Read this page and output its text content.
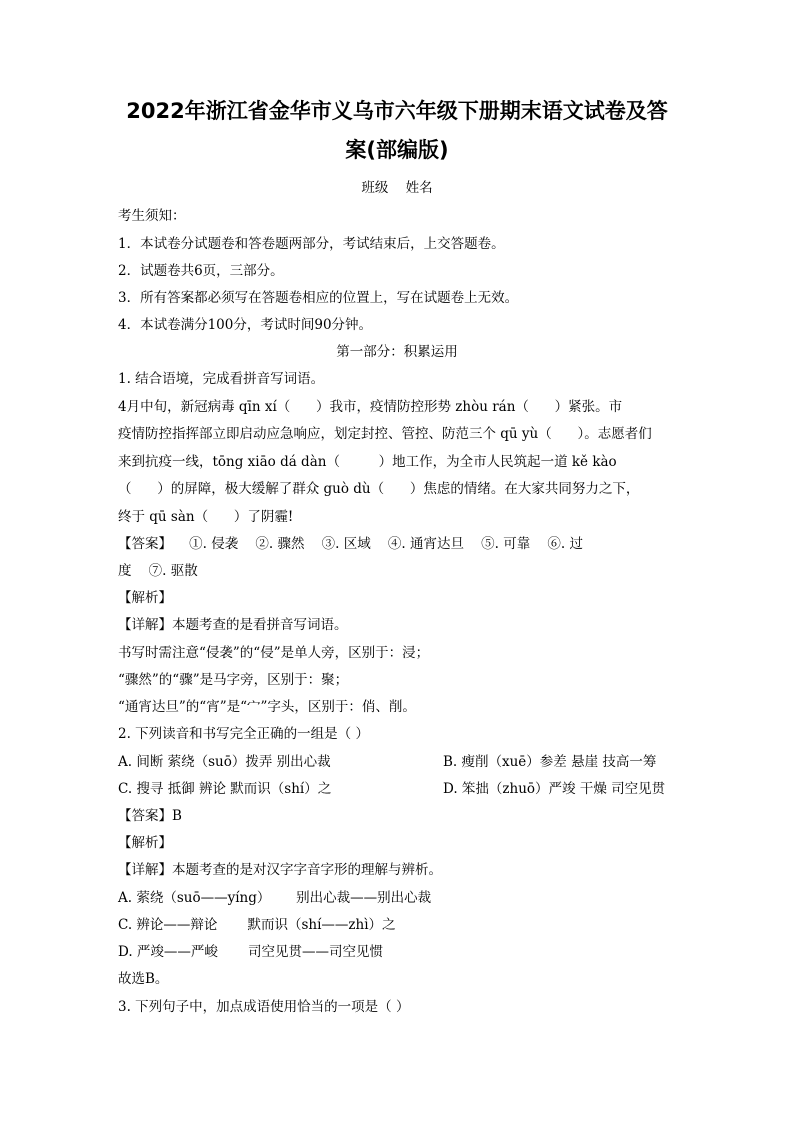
2022年浙江省金华市义乌市六年级下册期末语文试卷及答
案(部编版)
班级    姓名
考生须知：
1．本试卷分试题卷和答卷题两部分，考试结束后，上交答题卷。
2．试题卷共6页，三部分。
3．所有答案都必须写在答题卷相应的位置上，写在试题卷上无效。
4．本试卷满分100分，考试时间90分钟。
第一部分：积累运用
1. 结合语境，完成看拼音写词语。
4月中旬，新冠病毒 qīn xí（      ）我市，疫情防控形势 zhòu rán（      ）紧张。市
疫情防控指挥部立即启动应急响应，划定封控、管控、防范三个 qū yù（      ）。志愿者们
来到抗疫一线，tōng xiāo dá dàn（         ）地工作，为全市人民筑起一道 kě kào
（      ）的屏障，极大缓解了群众 guò dù（      ）焦虑的情绪。在大家共同努力之下，
终于 qū sàn（      ）了阴霾!
【答案】    ①. 侵袭    ②. 骤然    ③. 区域    ④. 通宵达旦    ⑤. 可靠    ⑥. 过
度    ⑦. 驱散
【解析】
【详解】本题考查的是看拼音写词语。
书写时需注意“侵袭”的“侵”是单人旁，区别于：浸；
“骤然”的“骤”是马字旁，区别于：聚；
“通宵达旦”的“宵”是“宀”字头，区别于：俏、削。
2. 下列读音和书写完全正确的一组是（ ）
A. 间断 萦绕（suō）拨弄 别出心裁	B. 瘦削（xuē）参差 悬崖 技高一筹
C. 搜寻 抵御 辨论 默而识（shí）之	D. 笨拙（zhuō）严竣 干燥 司空见贯
【答案】B
【解析】
【详解】本题考查的是对汉字字音字形的理解与辨析。
A. 萦绕（suō——yíng）      别出心裁——别出心裁
C. 辨论——辩论       默而识（shí——zhì）之
D. 严竣——严峻       司空见贯——司空见惯
故选B。
3. 下列句子中，加点成语使用恰当的一项是（ ）
